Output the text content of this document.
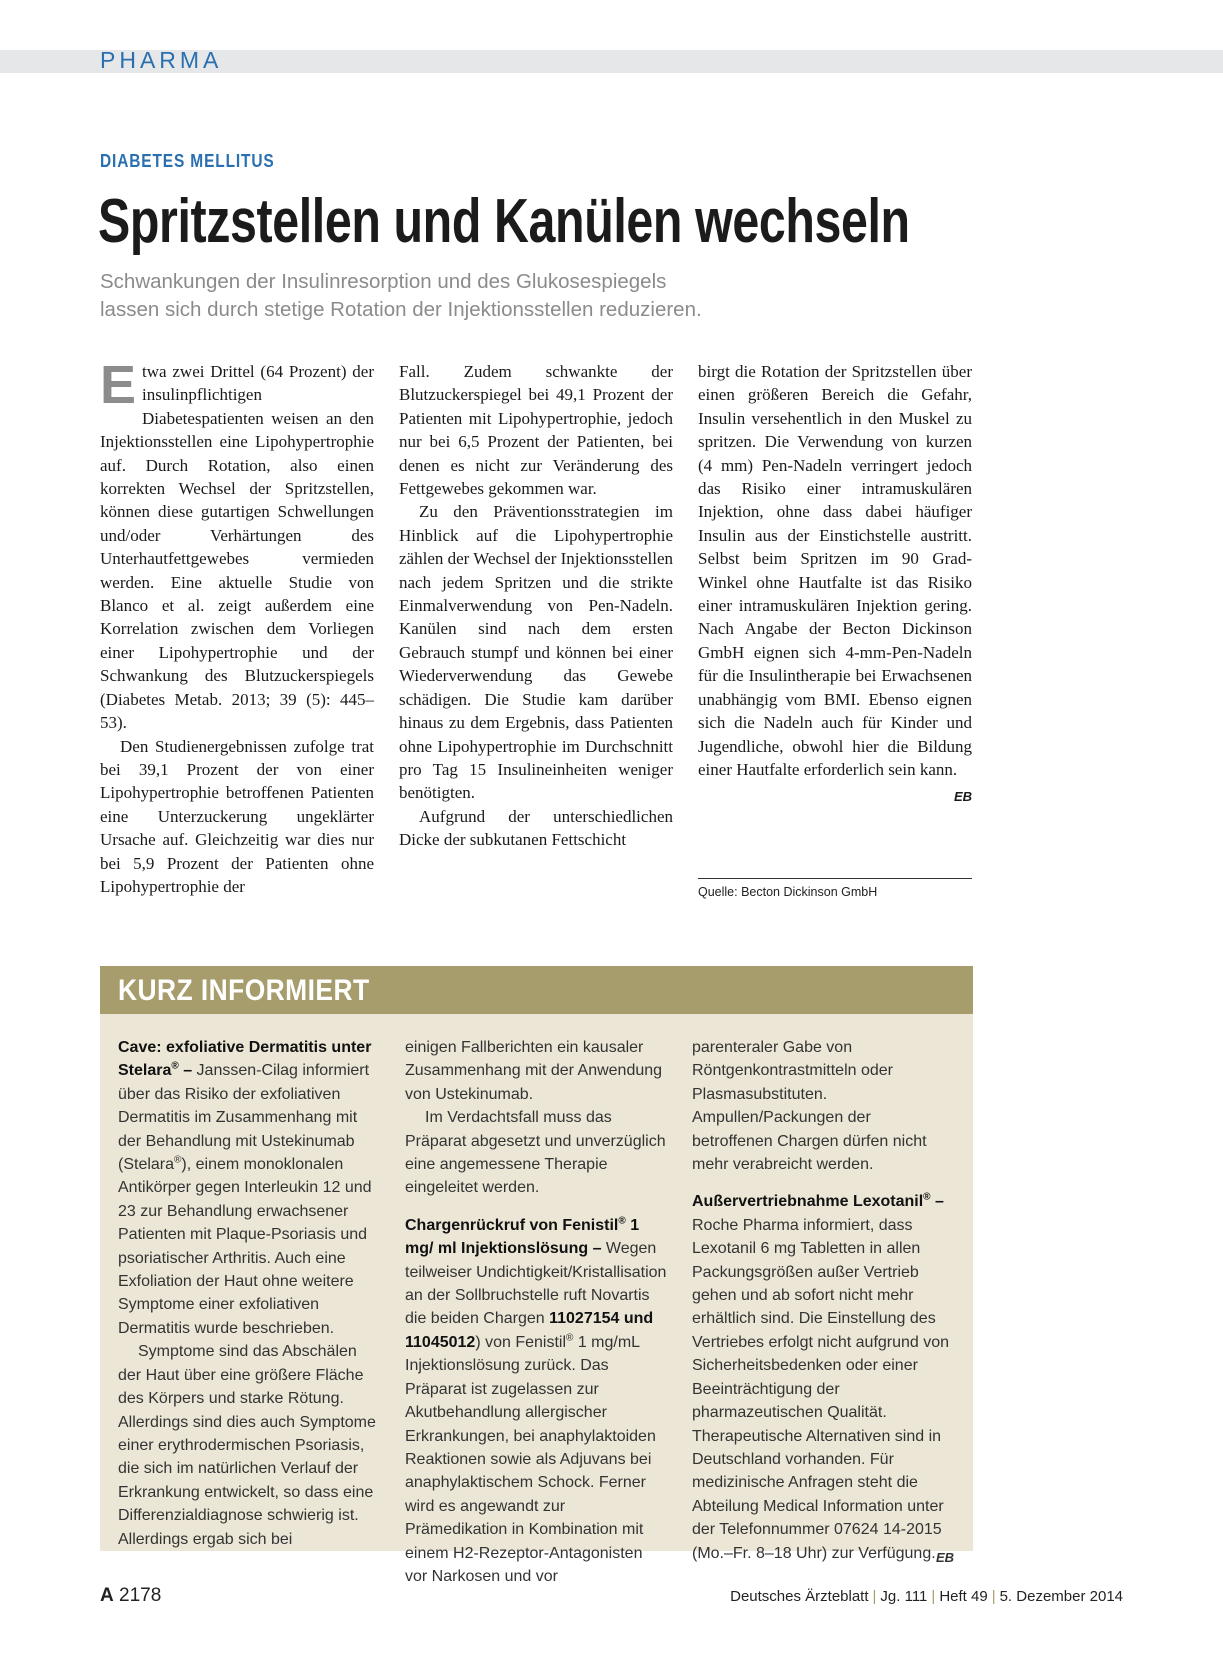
PHARMA
DIABETES MELLITUS
Spritzstellen und Kanülen wechseln
Schwankungen der Insulinresorption und des Glukosespiegels
lassen sich durch stetige Rotation der Injektionsstellen reduzieren.

Etwa zwei Drittel (64 Prozent) der insulinpflichtigen Diabetespatienten weisen an den Injektionsstellen eine Lipohypertrophie auf. Durch Rotation, also einen korrekten Wechsel der Spritzstellen, können diese gutartigen Schwellungen und/oder Verhärtungen des Unterhautfettgewebes vermieden werden. Eine aktuelle Studie von Blanco et al. zeigt außerdem eine Korrelation zwischen dem Vorliegen einer Lipohypertrophie und der Schwankung des Blutzuckerspiegels (Diabetes Metab. 2013; 39 (5): 445–53).

Den Studienergebnissen zufolge trat bei 39,1 Prozent der von einer Lipohypertrophie betroffenen Patienten eine Unterzuckerung ungeklärter Ursache auf. Gleichzeitig war dies nur bei 5,9 Prozent der Patienten ohne Lipohypertrophie der

Fall. Zudem schwankte der Blutzuckerspiegel bei 49,1 Prozent der Patienten mit Lipohypertrophie, jedoch nur bei 6,5 Prozent der Patienten, bei denen es nicht zur Veränderung des Fettgewebes gekommen war.

Zu den Präventionsstrategien im Hinblick auf die Lipohypertrophie zählen der Wechsel der Injektionsstellen nach jedem Spritzen und die strikte Einmalverwendung von Pen-Nadeln. Kanülen sind nach dem ersten Gebrauch stumpf und können bei einer Wiederverwendung das Gewebe schädigen. Die Studie kam darüber hinaus zu dem Ergebnis, dass Patienten ohne Lipohypertrophie im Durchschnitt pro Tag 15 Insulineinheiten weniger benötigten.

Aufgrund der unterschiedlichen Dicke der subkutanen Fettschicht

birgt die Rotation der Spritzstellen über einen größeren Bereich die Gefahr, Insulin versehentlich in den Muskel zu spritzen. Die Verwendung von kurzen (4 mm) Pen-Nadeln verringert jedoch das Risiko einer intramuskulären Injektion, ohne dass dabei häufiger Insulin aus der Einstichstelle austritt. Selbst beim Spritzen im 90 Grad-Winkel ohne Hautfalte ist das Risiko einer intramuskulären Injektion gering. Nach Angabe der Becton Dickinson GmbH eignen sich 4-mm-Pen-Nadeln für die Insulintherapie bei Erwachsenen unabhängig vom BMI. Ebenso eignen sich die Nadeln auch für Kinder und Jugendliche, obwohl hier die Bildung einer Hautfalte erforderlich sein kann.
EB

Quelle: Becton Dickinson GmbH
KURZ INFORMIERT

Cave: exfoliative Dermatitis unter Stelara® – Janssen-Cilag informiert über das Risiko der exfoliativen Dermatitis im Zusammenhang mit der Behandlung mit Ustekinumab (Stelara®), einem monoklonalen Antikörper gegen Interleukin 12 und 23 zur Behandlung erwachsener Patienten mit Plaque-Psoriasis und psoriatischer Arthritis. Auch eine Exfoliation der Haut ohne weitere Symptome einer exfoliativen Dermatitis wurde beschrieben.

Symptome sind das Abschälen der Haut über eine größere Fläche des Körpers und starke Rötung. Allerdings sind dies auch Symptome einer erythrodermischen Psoriasis, die sich im natürlichen Verlauf der Erkrankung entwickelt, so dass eine Differenzialdiagnose schwierig ist. Allerdings ergab sich bei

einigen Fallberichten ein kausaler Zusammenhang mit der Anwendung von Ustekinumab.

Im Verdachtsfall muss das Präparat abgesetzt und unverzüglich eine angemessene Therapie eingeleitet werden.

Chargenrückruf von Fenistil® 1 mg/ ml Injektionslösung – Wegen teilweiser Undichtigkeit/Kristallisation an der Sollbruchstelle ruft Novartis die beiden Chargen 11027154 und 11045012) von Fenistil® 1 mg/mL Injektionslösung zurück. Das Präparat ist zugelassen zur Akutbehandlung allergischer Erkrankungen, bei anaphylaktoiden Reaktionen sowie als Adjuvans bei anaphylaktischem Schock. Ferner wird es angewandt zur Prämedikation in Kombination mit einem H2-Rezeptor-Antagonisten vor Narkosen und vor

parenteraler Gabe von Röntgenkontrastmitteln oder Plasmasubstituten. Ampullen/Packungen der betroffenen Chargen dürfen nicht mehr verabreicht werden.

Außervertriebnahme Lexotanil® – Roche Pharma informiert, dass Lexotanil 6 mg Tabletten in allen Packungsgrößen außer Vertrieb gehen und ab sofort nicht mehr erhältlich sind. Die Einstellung des Vertriebes erfolgt nicht aufgrund von Sicherheitsbedenken oder einer Beeinträchtigung der pharmazeutischen Qualität. Therapeutische Alternativen sind in Deutschland vorhanden. Für medizinische Anfragen steht die Abteilung Medical Information unter der Telefonnummer 07624 14-2015 (Mo.–Fr. 8–18 Uhr) zur Verfügung. EB

A 2178	Deutsches Ärzteblatt | Jg. 111 | Heft 49 | 5. Dezember 2014
